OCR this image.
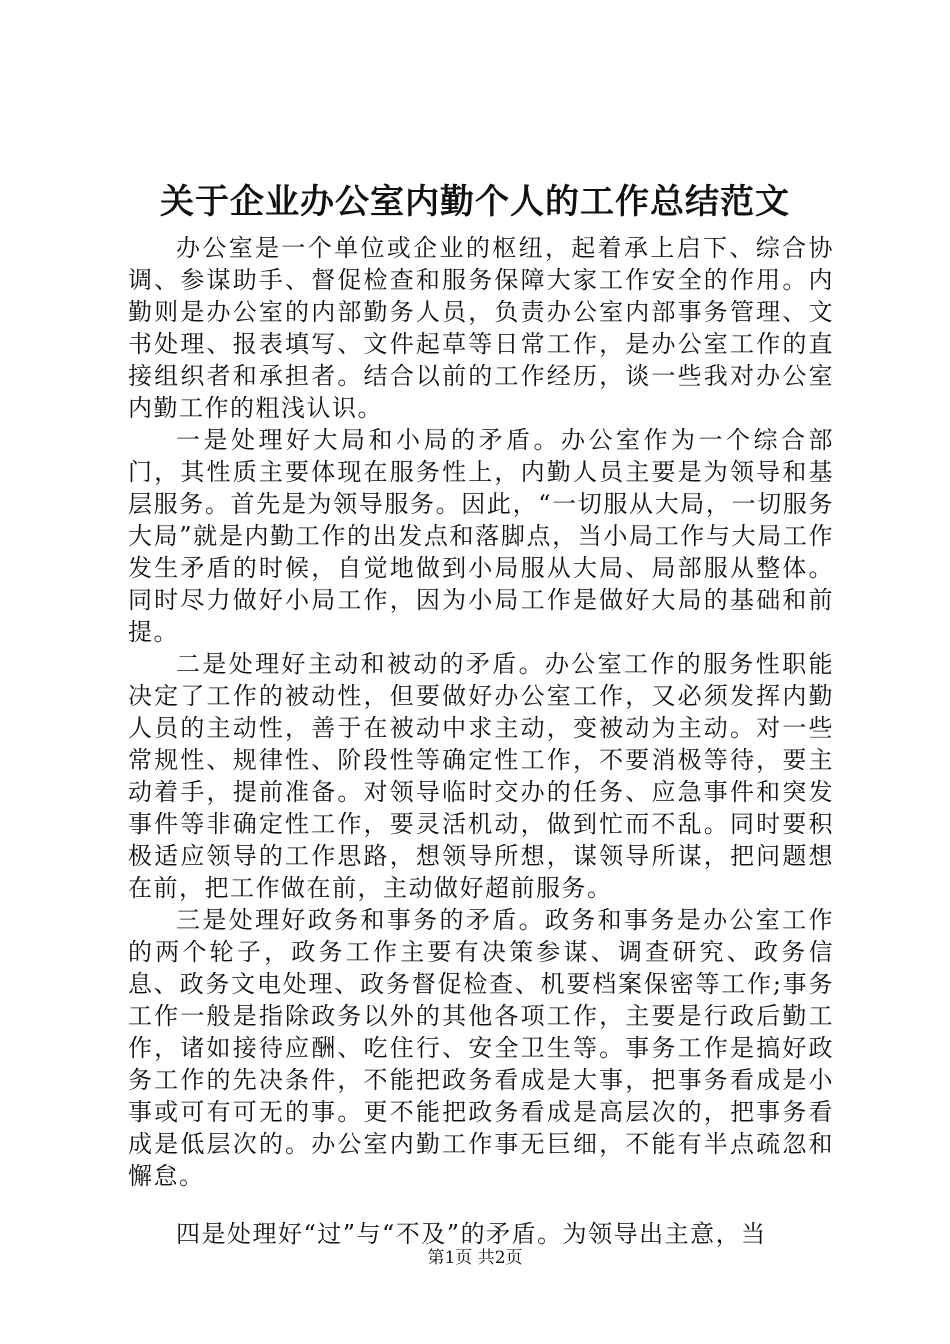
关于企业办公室内勤个人的工作总结范文

办公室是一个单位或企业的枢纽，起着承上启下、综合协调、参谋助手、督促检查和服务保障大家工作安全的作用。内勤则是办公室的内部勤务人员，负责办公室内部事务管理、文书处理、报表填写、文件起草等日常工作，是办公室工作的直接组织者和承担者。结合以前的工作经历，谈一些我对办公室内勤工作的粗浅认识。

一是处理好大局和小局的矛盾。办公室作为一个综合部门，其性质主要体现在服务性上，内勤人员主要是为领导和基层服务。首先是为领导服务。因此，“一切服从大局，一切服务大局”就是内勤工作的出发点和落脚点，当小局工作与大局工作发生矛盾的时候，自觉地做到小局服从大局、局部服从整体。同时尽力做好小局工作，因为小局工作是做好大局的基础和前提。

二是处理好主动和被动的矛盾。办公室工作的服务性职能决定了工作的被动性，但要做好办公室工作，又必须发挥内勤人员的主动性，善于在被动中求主动，变被动为主动。对一些常规性、规律性、阶段性等确定性工作，不要消极等待，要主动着手，提前准备。对领导临时交办的任务、应急事件和突发事件等非确定性工作，要灵活机动，做到忙而不乱。同时要积极适应领导的工作思路，想领导所想，谋领导所谋，把问题想在前，把工作做在前，主动做好超前服务。

三是处理好政务和事务的矛盾。政务和事务是办公室工作的两个轮子，政务工作主要有决策参谋、调查研究、政务信息、政务文电处理、政务督促检查、机要档案保密等工作;事务工作一般是指除政务以外的其他各项工作，主要是行政后勤工作，诸如接待应酬、吃住行、安全卫生等。事务工作是搞好政务工作的先决条件，不能把政务看成是大事，把事务看成是小事或可有可无的事。更不能把政务看成是高层次的，把事务看成是低层次的。办公室内勤工作事无巨细，不能有半点疏忽和懈怠。

四是处理好“过”与“不及”的矛盾。为领导出主意，当

第1页 共2页
